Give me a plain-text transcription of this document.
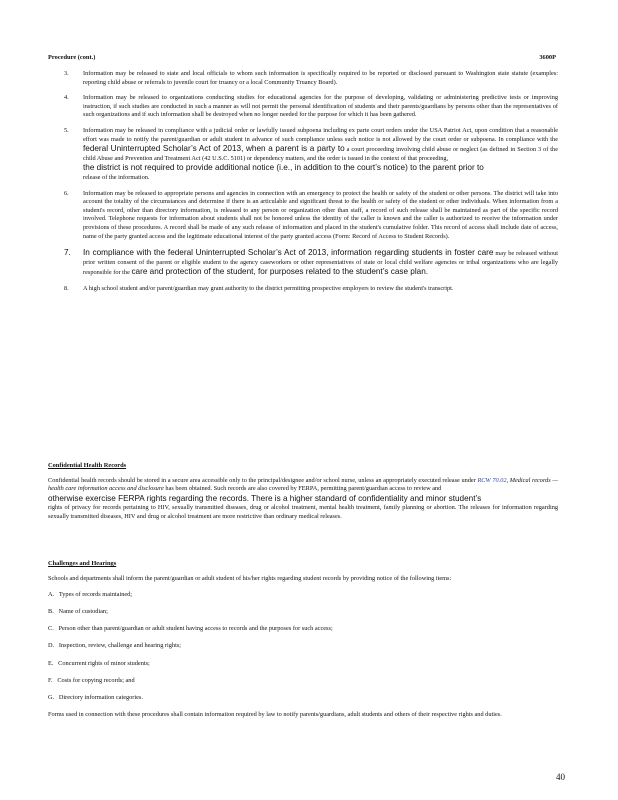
Procedure (cont.)	3600P
3. Information may be released to state and local officials to whom such information is specifically required to be reported or disclosed pursuant to Washington state statute (examples: reporting child abuse or referrals to juvenile court for truancy or a local Community Truancy Board).

4. Information may be released to organizations conducting studies for educational agencies for the purpose of developing, validating or administering predictive tests or improving instruction, if such studies are conducted in such a manner as will not permit the personal identification of students and their parents/guardians by persons other than the representatives of such organizations and if such information shall be destroyed when no longer needed for the purpose for which it has been gathered.

5. Information may be released in compliance with a judicial order or lawfully issued subpoena including ex parte court orders under the USA Patriot Act, upon condition that a reasonable effort was made to notify the parent/guardian or adult student in advance of such compliance unless such notice is not allowed by the court order or subpoena. In compliance with the federal Uninterrupted Scholar’s Act of 2013, when a parent is a party to a court proceeding involving child abuse or neglect (as defined in Section 3 of the child Abuse and Prevention and Treatment Act (42 U.S.C. 5101) or dependency matters, and the order is issued in the context of that proceeding,
the district is not required to provide additional notice (i.e., in addition to the court’s notice) to the parent prior to
release of the information.

6. Information may be released to appropriate persons and agencies in connection with an emergency to protect the health or safety of the student or other persons. The district will take into account the totality of the circumstances and determine if there is an articulable and significant threat to the health or safety of the student or other individuals. When information from a student's record, other than directory information, is released to any person or organization other than staff, a record of such release shall be maintained as part of the specific record involved. Telephone requests for information about students shall not be honored unless the identity of the caller is known and the caller is authorized to receive the information under provisions of these procedures. A record shall be made of any such release of information and placed in the student's cumulative folder. This record of access shall include date of access, name of the party granted access and the legitimate educational interest of the party granted access (Form: Record of Access to Student Records).

7. In compliance with the federal Uninterrupted Scholar’s Act of 2013, information regarding students in foster care may be released without prior written consent of the parent or eligible student to the agency caseworkers or other representatives of state or local child welfare agencies or tribal organizations who are legally responsible for the care and protection of the student, for purposes related to the student’s case plan.

8. A high school student and/or parent/guardian may grant authority to the district permitting prospective employers to review the student's transcript.

Confidential Health Records

Confidential health records should be stored in a secure area accessible only to the principal/designee and/or school nurse, unless an appropriately executed release under RCW 70.02, Medical records — health care information access and disclosure has been obtained. Such records are also covered by FERPA, permitting parent/guardian access to review and
otherwise exercise FERPA rights regarding the records. There is a higher standard of confidentiality and minor student’s
rights of privacy for records pertaining to HIV, sexually transmitted diseases, drug or alcohol treatment, mental health treatment, family planning or abortion. The releases for information regarding sexually transmitted diseases, HIV and drug or alcohol treatment are more restrictive than ordinary medical releases.

Challenges and Hearings

Schools and departments shall inform the parent/guardian or adult student of his/her rights regarding student records by providing notice of the following items:

A. Types of records maintained;
B. Name of custodian;
C. Person other than parent/guardian or adult student having access to records and the purposes for such access;
D. Inspection, review, challenge and hearing rights;
E. Concurrent rights of minor students;
F. Costs for copying records; and
G. Directory information categories.

Forms used in connection with these procedures shall contain information required by law to notify parents/guardians, adult students and others of their respective rights and duties.

40
